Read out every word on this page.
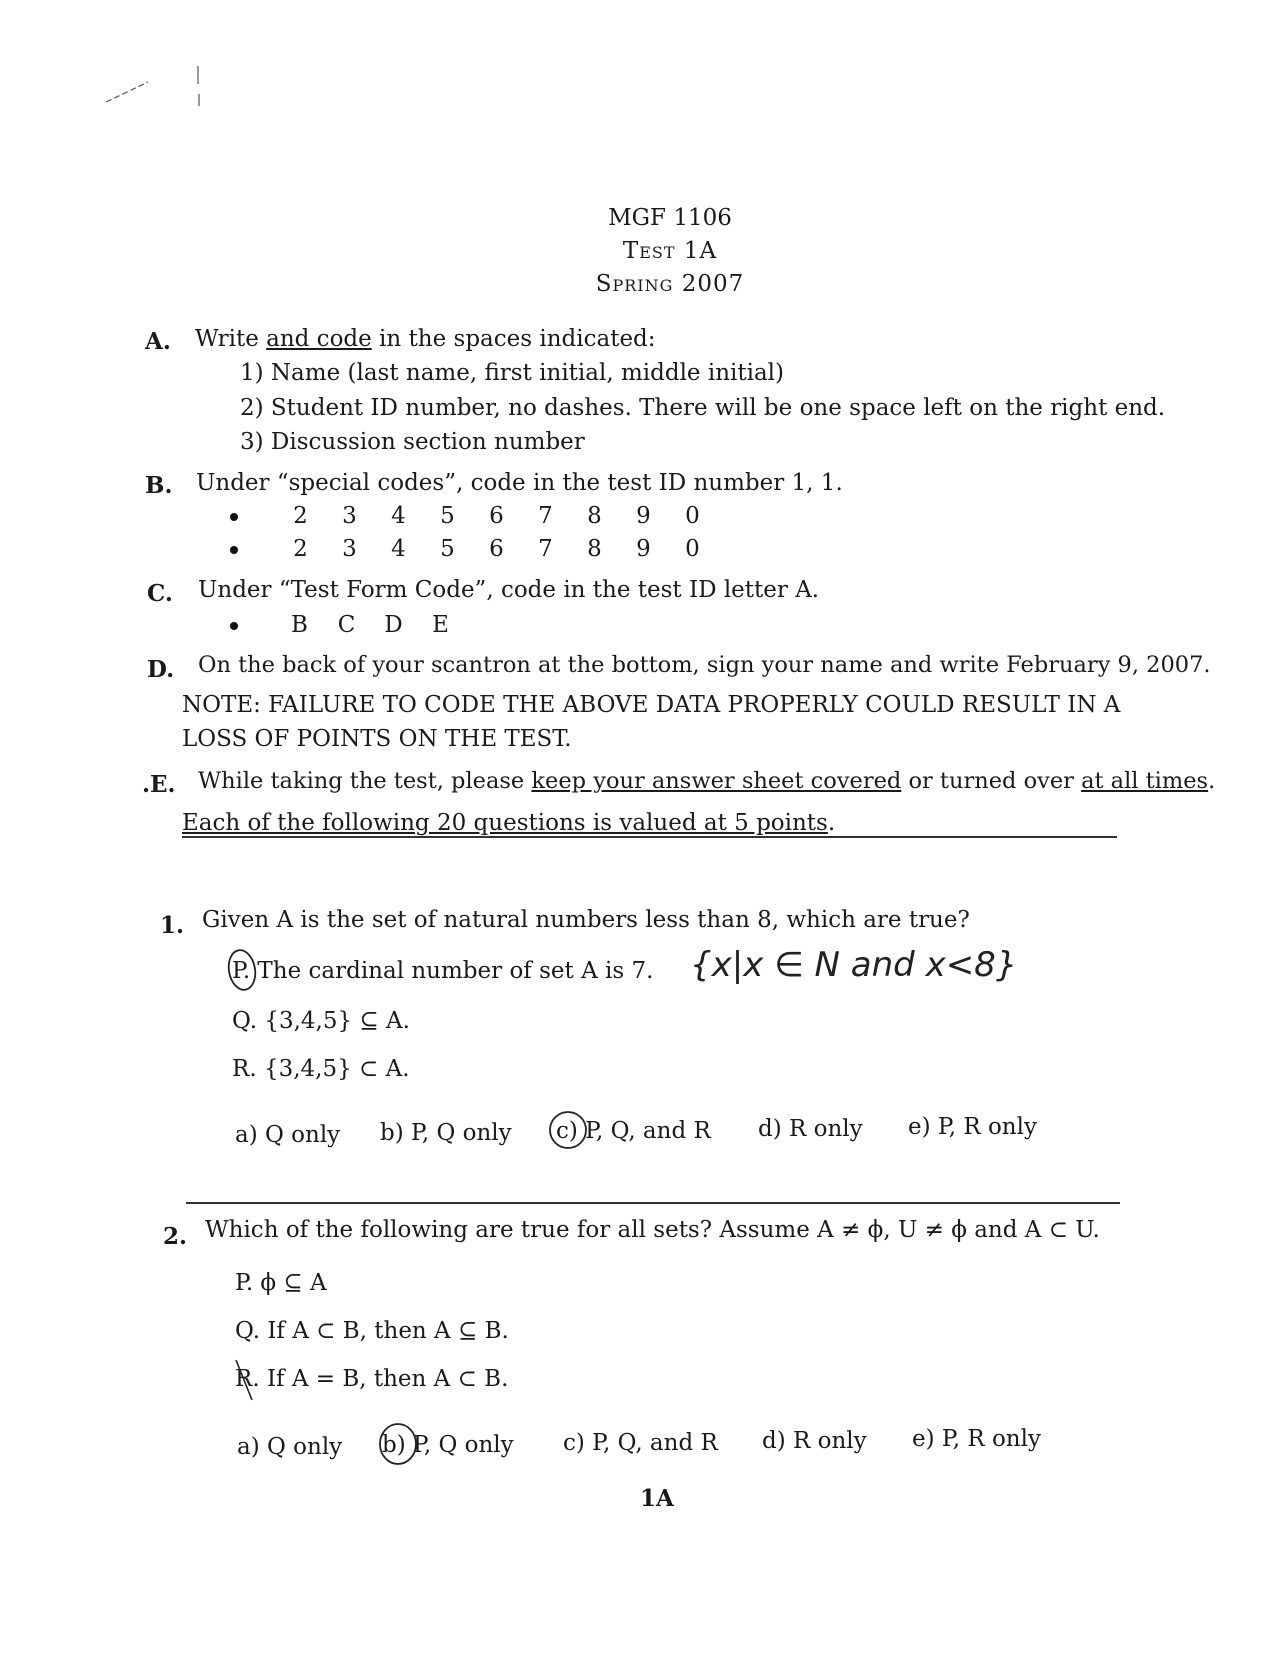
MGF 1106
Test 1A
Spring 2007
A. Write and code in the spaces indicated:
1) Name (last name, first initial, middle initial)
2) Student ID number, no dashes. There will be one space left on the right end.
3) Discussion section number
B. Under “special codes”, code in the test ID number 1, 1.
2 3 4 5 6 7 8 9 0
2 3 4 5 6 7 8 9 0
C. Under “Test Form Code”, code in the test ID letter A.
B C D E
D. On the back of your scantron at the bottom, sign your name and write February 9, 2007.
NOTE: FAILURE TO CODE THE ABOVE DATA PROPERLY COULD RESULT IN A
LOSS OF POINTS ON THE TEST.
.E. While taking the test, please keep your answer sheet covered or turned over at all times.
Each of the following 20 questions is valued at 5 points.
1. Given A is the set of natural numbers less than 8, which are true?
P. The cardinal number of set A is 7.
Q. {3,4,5} ⊆ A.
R. {3,4,5} ⊂ A.
{x|x ∈ N and x<8}
a) Q only b) P, Q only c) P, Q, and R d) R only e) P, R only
2. Which of the following are true for all sets? Assume A ≠ ϕ, U ≠ ϕ and A ⊂ U.
P. ϕ ⊆ A
Q. If A ⊂ B, then A ⊆ B.
R. If A = B, then A ⊂ B.
a) Q only b) P, Q only c) P, Q, and R d) R only e) P, R only
1A
